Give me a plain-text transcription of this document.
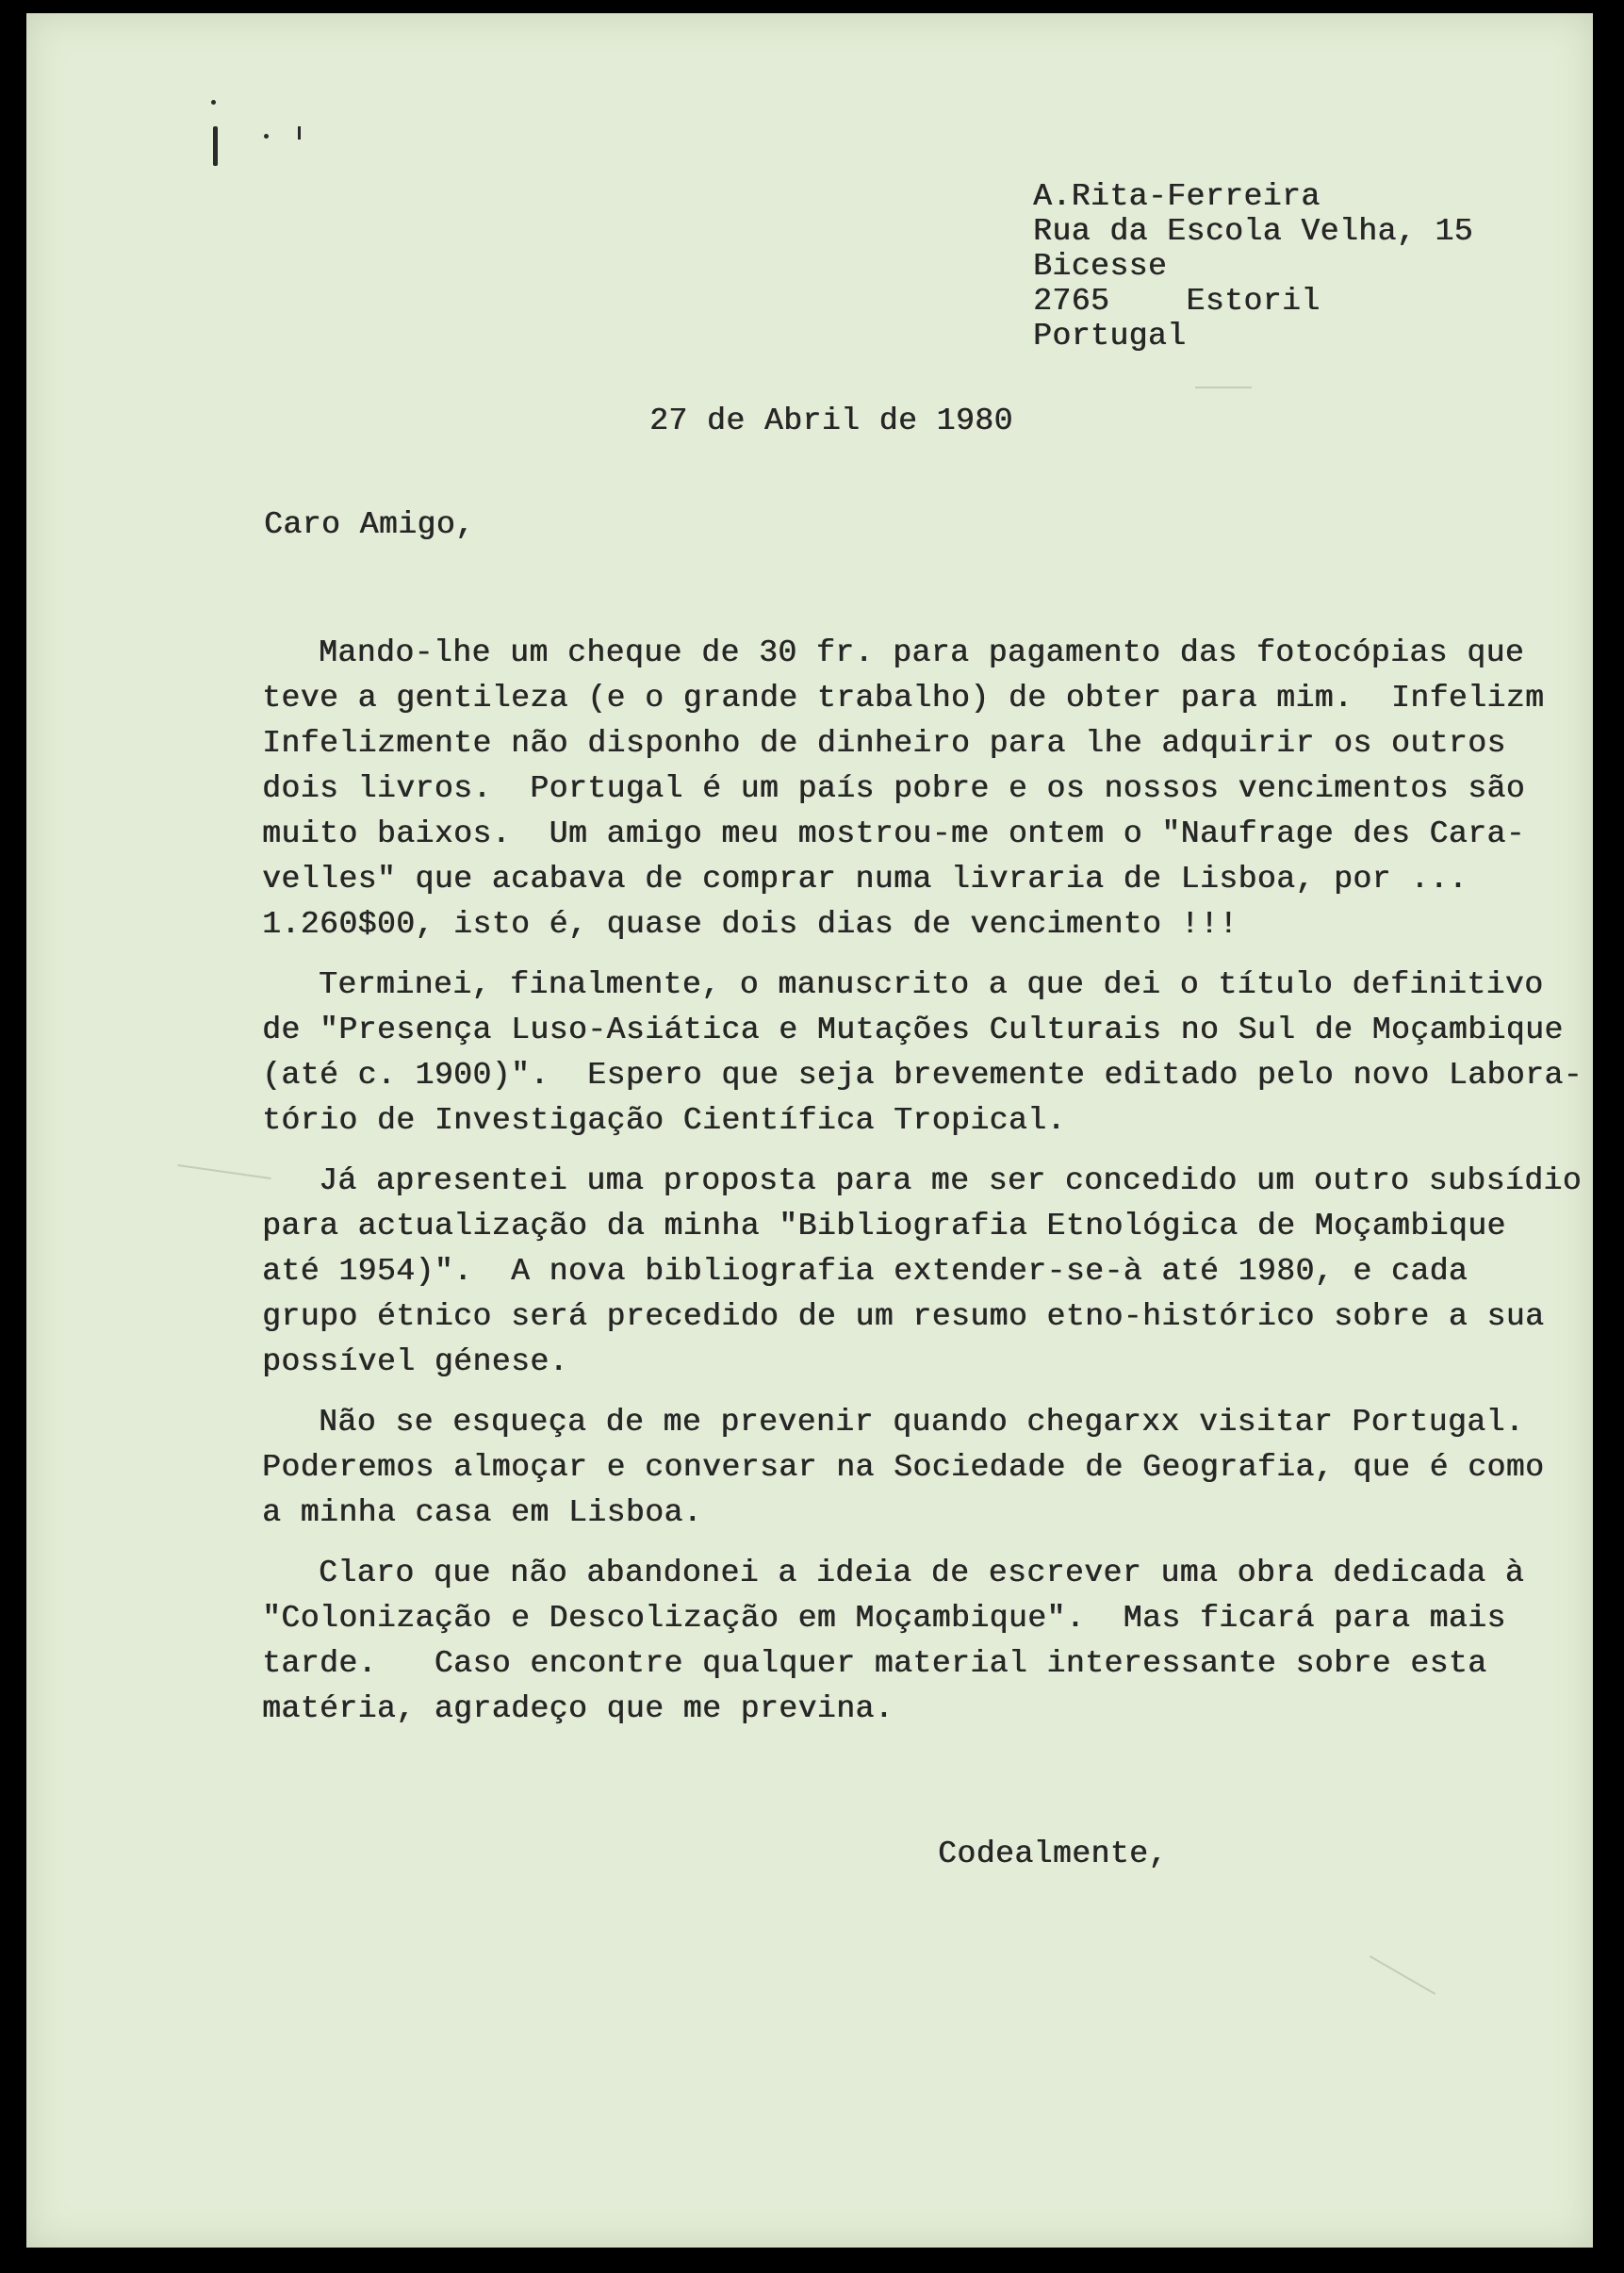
A.Rita-Ferreira
Rua da Escola Velha, 15
Bicesse
2765    Estoril
Portugal
27 de Abril de 1980
Caro Amigo,
Mando-lhe um cheque de 30 fr. para pagamento das fotocópias que
teve a gentileza (e o grande trabalho) de obter para mim.  Infelizm
Infelizmente não disponho de dinheiro para lhe adquirir os outros
dois livros.  Portugal é um país pobre e os nossos vencimentos são
muito baixos.  Um amigo meu mostrou-me ontem o "Naufrage des Cara-
velles" que acabava de comprar numa livraria de Lisboa, por ...
1.260$00, isto é, quase dois dias de vencimento !!!
Terminei, finalmente, o manuscrito a que dei o título definitivo
de "Presença Luso-Asiática e Mutações Culturais no Sul de Moçambique
(até c. 1900)".  Espero que seja brevemente editado pelo novo Labora-
tório de Investigação Científica Tropical.
Já apresentei uma proposta para me ser concedido um outro subsídio
para actualização da minha "Bibliografia Etnológica de Moçambique
até 1954)".  A nova bibliografia extender-se-à até 1980, e cada
grupo étnico será precedido de um resumo etno-histórico sobre a sua
possível génese.
Não se esqueça de me prevenir quando chegarxx visitar Portugal.
Poderemos almoçar e conversar na Sociedade de Geografia, que é como
a minha casa em Lisboa.
Claro que não abandonei a ideia de escrever uma obra dedicada à
"Colonização e Descolização em Moçambique".  Mas ficará para mais
tarde.   Caso encontre qualquer material interessante sobre esta
matéria, agradeço que me previna.
Codealmente,
